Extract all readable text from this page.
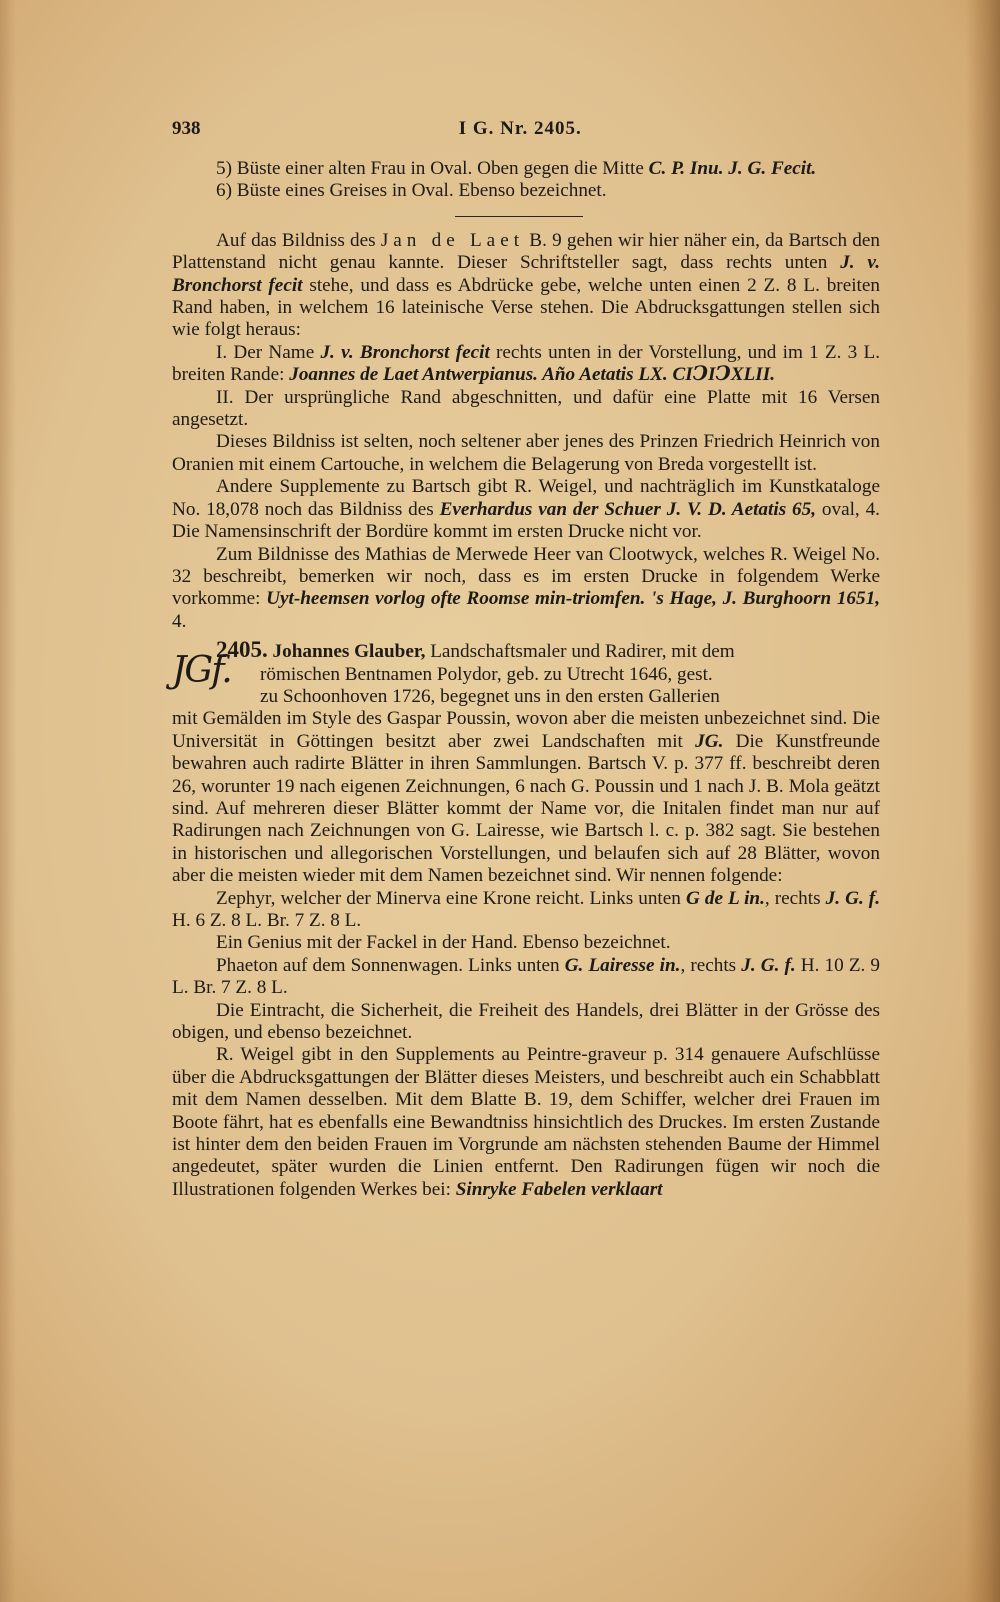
938	I G. Nr. 2405.

5) Büste einer alten Frau in Oval. Oben gegen die Mitte C. P. Inu. J. G. Fecit.

6) Büste eines Greises in Oval. Ebenso bezeichnet.

Auf das Bildniss des Jan de Laet B. 9 gehen wir hier näher ein, da Bartsch den Plattenstand nicht genau kannte. Dieser Schriftsteller sagt, dass rechts unten J. v. Bronchorst fecit stehe, und dass es Abdrücke gebe, welche unten einen 2 Z. 8 L. breiten Rand haben, in welchem 16 lateinische Verse stehen. Die Abdrucksgattungen stellen sich wie folgt heraus:

I. Der Name J. v. Bronchorst fecit rechts unten in der Vorstellung, und im 1 Z. 3 L. breiten Rande: Joannes de Laet Antwerpianus. Año Aetatis LX. CIↃIↃXLII.

II. Der ursprüngliche Rand abgeschnitten, und dafür eine Platte mit 16 Versen angesetzt.

Dieses Bildniss ist selten, noch seltener aber jenes des Prinzen Friedrich Heinrich von Oranien mit einem Cartouche, in welchem die Belagerung von Breda vorgestellt ist.

Andere Supplemente zu Bartsch gibt R. Weigel, und nachträglich im Kunstkataloge No. 18,078 noch das Bildniss des Everhardus van der Schuer J. V. D. Aetatis 65, oval, 4. Die Namensinschrift der Bordüre kommt im ersten Drucke nicht vor.

Zum Bildnisse des Mathias de Merwede Heer van Clootwyck, welches R. Weigel No. 32 beschreibt, bemerken wir noch, dass es im ersten Drucke in folgendem Werke vorkomme: Uyt-heemsen vorlog ofte Roomse min-triomfen. 's Hage, J. Burghoorn 1651, 4.

2405. Johannes Glauber, Landschaftsmaler und Radirer, mit dem

JGf. römischen Bentnamen Polydor, geb. zu Utrecht 1646, gest.

zu Schoonhoven 1726, begegnet uns in den ersten Gallerien

mit Gemälden im Style des Gaspar Poussin, wovon aber die meisten unbezeichnet sind. Die Universität in Göttingen besitzt aber zwei Landschaften mit JG. Die Kunstfreunde bewahren auch radirte Blätter in ihren Sammlungen. Bartsch V. p. 377 ff. beschreibt deren 26, worunter 19 nach eigenen Zeichnungen, 6 nach G. Poussin und 1 nach J. B. Mola geätzt sind. Auf mehreren dieser Blätter kommt der Name vor, die Initalen findet man nur auf Radirungen nach Zeichnungen von G. Lairesse, wie Bartsch l. c. p. 382 sagt. Sie bestehen in historischen und allegorischen Vorstellungen, und belaufen sich auf 28 Blätter, wovon aber die meisten wieder mit dem Namen bezeichnet sind. Wir nennen folgende:

Zephyr, welcher der Minerva eine Krone reicht. Links unten G de L in., rechts J. G. f. H. 6 Z. 8 L. Br. 7 Z. 8 L.

Ein Genius mit der Fackel in der Hand. Ebenso bezeichnet.

Phaeton auf dem Sonnenwagen. Links unten G. Lairesse in., rechts J. G. f. H. 10 Z. 9 L. Br. 7 Z. 8 L.

Die Eintracht, die Sicherheit, die Freiheit des Handels, drei Blätter in der Grösse des obigen, und ebenso bezeichnet.

R. Weigel gibt in den Supplements au Peintre-graveur p. 314 genauere Aufschlüsse über die Abdrucksgattungen der Blätter dieses Meisters, und beschreibt auch ein Schabblatt mit dem Namen desselben. Mit dem Blatte B. 19, dem Schiffer, welcher drei Frauen im Boote fährt, hat es ebenfalls eine Bewandtniss hinsichtlich des Druckes. Im ersten Zustande ist hinter dem den beiden Frauen im Vorgrunde am nächsten stehenden Baume der Himmel angedeutet, später wurden die Linien entfernt. Den Radirungen fügen wir noch die Illustrationen folgenden Werkes bei: Sinryke Fabelen verklaart
